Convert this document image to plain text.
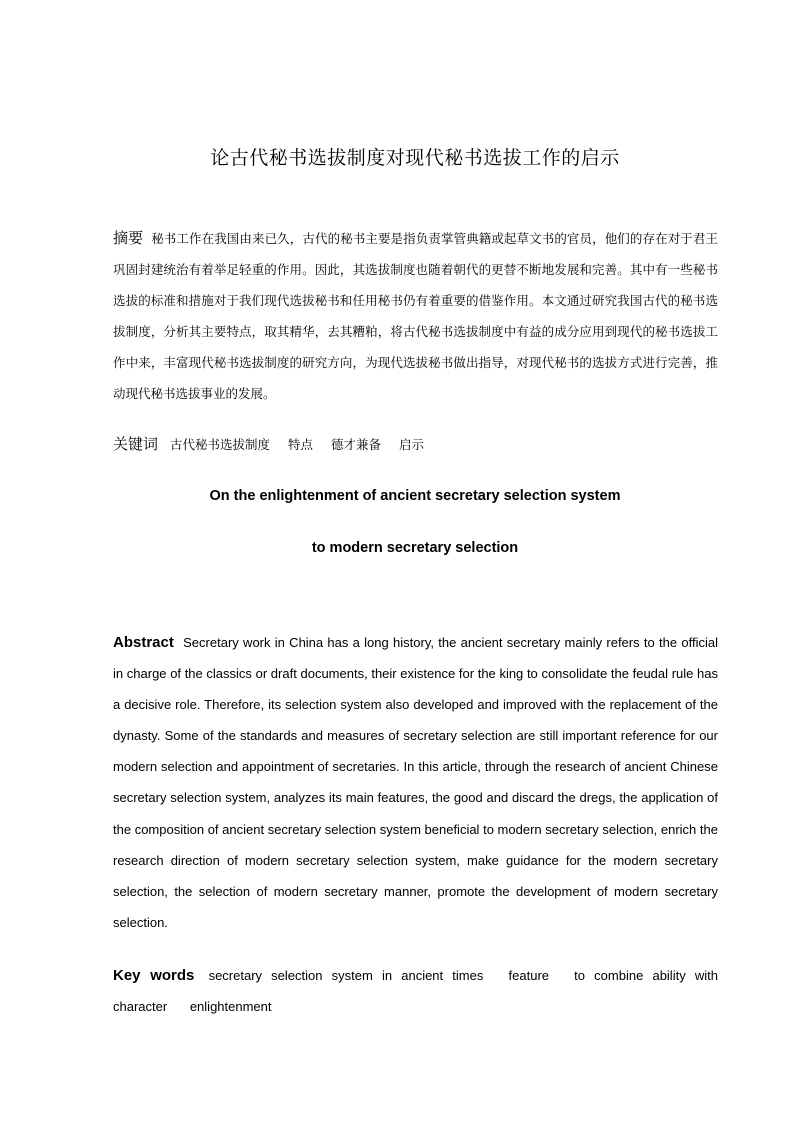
论古代秘书选拔制度对现代秘书选拔工作的启示
摘要 秘书工作在我国由来已久，古代的秘书主要是指负责掌管典籍或起草文书的官员，他们的存在对于君王巩固封建统治有着举足轻重的作用。因此，其选拔制度也随着朝代的更替不断地发展和完善。其中有一些秘书选拔的标准和措施对于我们现代选拔秘书和任用秘书仍有着重要的借鉴作用。本文通过研究我国古代的秘书选拔制度，分析其主要特点，取其精华，去其糟粕，将古代秘书选拔制度中有益的成分应用到现代的秘书选拔工作中来，丰富现代秘书选拔制度的研究方向，为现代选拔秘书做出指导，对现代秘书的选拔方式进行完善，推动现代秘书选拔事业的发展。
关键词 古代秘书选拔制度 特点 德才兼备 启示
On the enlightenment of ancient secretary selection system
to modern secretary selection
Abstract Secretary work in China has a long history, the ancient secretary mainly refers to the official in charge of the classics or draft documents, their existence for the king to consolidate the feudal rule has a decisive role. Therefore, its selection system also developed and improved with the replacement of the dynasty. Some of the standards and measures of secretary selection are still important reference for our modern selection and appointment of secretaries. In this article, through the research of ancient Chinese secretary selection system, analyzes its main features, the good and discard the dregs, the application of the composition of ancient secretary selection system beneficial to modern secretary selection, enrich the research direction of modern secretary selection system, make guidance for the modern secretary selection, the selection of modern secretary manner, promote the development of modern secretary selection.
Key words secretary selection system in ancient times feature to combine ability with character enlightenment
